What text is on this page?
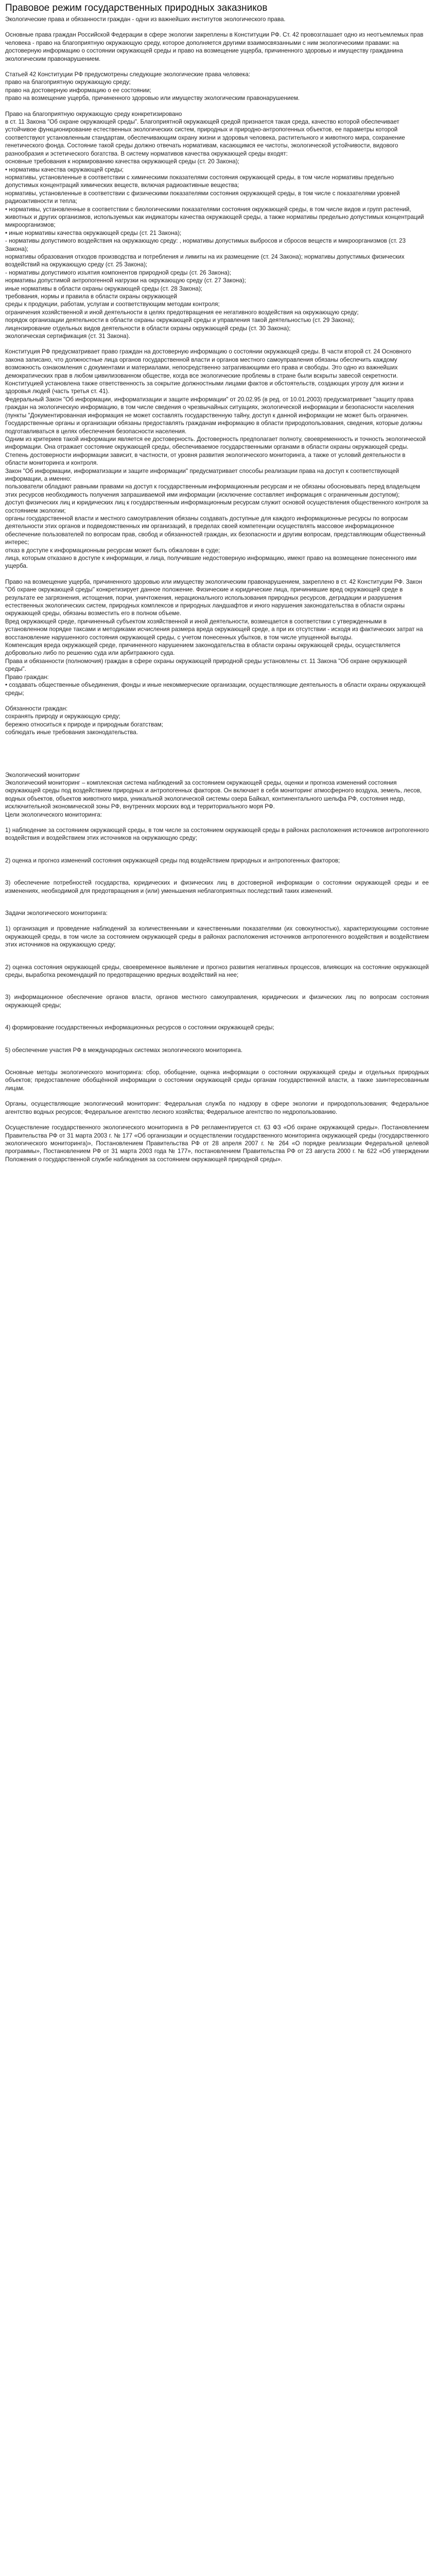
Правовое режим государственных природных заказников

Экологические права и обязанности граждан - одни из важнейших институтов экологического права.

Основные права граждан Российской Федерации в сфере экологии закреплены в Конституции РФ. Ст. 42 провозглашает одно из неотъемлемых прав человека - право на благоприятную окружающую среду, которое дополняется другими взаимосвязанными с ним экологическими правами: на достоверную информацию о состоянии окружающей среды и право на возмещение ущерба, причиненного здоровью и имуществу гражданина экологическим правонарушением.

Статьей 42 Конституции РФ предусмотрены следующие экологические права человека:

право на благоприятную окружающую среду;

право на достоверную информацию о ее состоянии;

право на возмещение ущерба, причиненного здоровью или имуществу экологическим правонарушением.

Право на благоприятную окружающую среду конкретизировано

в ст. 11 Закона "Об охране окружающей среды". Благоприятной окружающей средой признается такая среда, качество которой обеспечивает устойчивое функционирование естественных экологических систем, природных и природно-антропогенных объектов, ее параметры которой соответствуют установленным стандартам, обеспечивающим охрану жизни и здоровья человека, растительного и животного мира, сохранение генетического фонда. Состояние такой среды должно отвечать нормативам, касающимся ее чистоты, экологической устойчивости, видового разнообразия и эстетического богатства. В систему нормативов качества окружающей среды входят:

основные требования к нормированию качества окружающей среды (ст. 20 Закона);

• нормативы качества окружающей среды;

нормативы, установленные в соответствии с химическими показателями состояния окружающей среды, в том числе нормативы предельно допустимых концентраций химических веществ, включая радиоактивные вещества;

нормативы, установленные в соответствии с физическими показателями состояния окружающей среды, в том числе с показателями уровней радиоактивности и тепла;

• нормативы, установленные в соответствии с биологическими показателями состояния окружающей среды, в том числе видов и групп растений, животных и других организмов, используемых как индикаторы качества окружающей среды, а также нормативы предельно допустимых концентраций микроорганизмов;

• иные нормативы качества окружающей среды (ст. 21 Закона);

- нормативы допустимого воздействия на окружающую среду: , нормативы допустимых выбросов и сбросов веществ и микроорганизмов (ст. 23 Закона);

нормативы образования отходов производства и потребления и лимиты на их размещение (ст. 24 Закона); нормативы допустимых физических воздействий на окружающую среду (ст. 25 Закона);

- нормативы допустимого изъятия компонентов природной среды (ст. 26 Закона);

нормативы допустимой антропогенной нагрузки на окружающую среду (ст. 27 Закона);

иные нормативы в области охраны окружающей среды (ст. 28 Закона);

требования, нормы и правила в области охраны окружающей

среды к продукции, работам, услугам и соответствующим методам контроля;

ограничения хозяйственной и иной деятельности в целях предотвращения ее негативного воздействия на окружающую среду;

порядок организации деятельности в области охраны окружающей среды и управления такой деятельностью (ст. 29 Закона);

лицензирование отдельных видов деятельности в области охраны окружающей среды (ст. 30 Закона);

экологическая сертификация (ст. 31 Закона).

Конституция РФ предусматривает право граждан на достоверную информацию о состоянии окружающей среды. В части второй ст. 24 Основного закона записано, что должностные лица органов государственной власти и органов местного самоуправления обязаны обеспечить каждому возможность ознакомления с документами и материалами, непосредственно затрагивающими его права и свободы. Это одно из важнейших демократических прав в любом цивилизованном обществе, когда все экологические проблемы в стране были вскрыты завесой секретности. Конституцией установлена также ответственность за сокрытие должностными лицами фактов и обстоятельств, создающих угрозу для жизни и здоровья людей (часть третья ст. 41).

Федеральный Закон "Об информации, информатизации и защите информации" от 20.02.95 (в ред. от 10.01.2003) предусматривает "защиту права граждан на экологическую информацию, в том числе сведения о чрезвычайных ситуациях, экологической информации и безопасности населения (пункты "Документированная информация не может составлять государственную тайну, доступ к данной информации не может быть ограничен. Государственные органы и организации обязаны предоставлять гражданам информацию в области природопользования, сведения, которые должны подготавливаться в целях обеспечения безопасности населения.

Одним из критериев такой информации является ее достоверность. Достоверность предполагает полноту, своевременность и точность экологической информации. Она отражает состояние окружающей среды, обеспечиваемое государственными органами в области охраны окружающей среды. Степень достоверности информации зависит, в частности, от уровня развития экологического мониторинга, а также от условий деятельности в области мониторинга и контроля.

Закон "Об информации, информатизации и защите информации" предусматривает способы реализации права на доступ к соответствующей информации, а именно:

пользователи обладают равными правами на доступ к государственным информационным ресурсам и не обязаны обосновывать перед владельцем этих ресурсов необходимость получения запрашиваемой ими информации (исключение составляет информация с ограниченным доступом);

доступ физических лиц и юридических лиц к государственным информационным ресурсам служит основой осуществления общественного контроля за состоянием экологии;

органы государственной власти и местного самоуправления обязаны создавать доступные для каждого информационные ресурсы по вопросам деятельности этих органов и подведомственных им организаций, в пределах своей компетенции осуществлять массовое информационное обеспечение пользователей по вопросам прав, свобод и обязанностей граждан, их безопасности и другим вопросам, представляющим общественный интерес;

отказ в доступе к информационным ресурсам может быть обжалован в суде;

лица, которым отказано в доступе к информации, и лица, получившие недостоверную информацию, имеют право на возмещение понесенного ими ущерба.

Право на возмещение ущерба, причиненного здоровью или имуществу экологическим правонарушением, закреплено в ст. 42 Конституции РФ. Закон "Об охране окружающей среды" конкретизирует данное положение. Физические и юридические лица, причинившие вред окружающей среде в результате ее загрязнения, истощения, порчи, уничтожения, нерационального использования природных ресурсов, деградации и разрушения естественных экологических систем, природных комплексов и природных ландшафтов и иного нарушения законодательства в области охраны окружающей среды, обязаны возместить его в полном объеме.

Вред окружающей среде, причиненный субъектом хозяйственной и иной деятельности, возмещается в соответствии с утвержденными в установленном порядке таксами и методиками исчисления размера вреда окружающей среде, а при их отсутствии - исходя из фактических затрат на восстановление нарушенного состояния окружающей среды, с учетом понесенных убытков, в том числе упущенной выгоды.

Компенсация вреда окружающей среде, причиненного нарушением законодательства в области охраны окружающей среды, осуществляется добровольно либо по решению суда или арбитражного суда.

Права и обязанности (полномочия) граждан в сфере охраны окружающей природной среды установлены ст. 11 Закона "Об охране окружающей среды".

Право граждан:

• создавать общественные объединения, фонды и иные некоммерческие организации, осуществляющие деятельность в области охраны окружающей среды;

Обязанности граждан:

сохранять природу и окружающую среду;

бережно относиться к природе и природным богатствам;

соблюдать иные требования законодательства.

Экологический мониторинг

Экологический мониторинг – комплексная система наблюдений за состоянием окружающей среды, оценки и прогноза изменений состояния окружающей среды под воздействием природных и антропогенных факторов. Он включает в себя мониторинг атмосферного воздуха, земель, лесов, водных объектов, объектов животного мира, уникальной экологической системы озера Байкал, континентального шельфа РФ, состояния недр, исключительной экономической зоны РФ, внутренних морских вод и территориального моря РФ.

Цели экологического мониторинга:

1) наблюдение за состоянием окружающей среды, в том числе за состоянием окружающей среды в районах расположения источников антропогенного воздействия и воздействием этих источников на окружающую среду;

2) оценка и прогноз изменений состояния окружающей среды под воздействием природных и антропогенных факторов;

3) обеспечение потребностей государства, юридических и физических лиц в достоверной информации о состоянии окружающей среды и ее изменениях, необходимой для предотвращения и (или) уменьшения неблагоприятных последствий таких изменений.

Задачи экологического мониторинга:

1) организация и проведение наблюдений за количественными и качественными показателями (их совокупностью), характеризующими состояние окружающей среды, в том числе за состоянием окружающей среды в районах расположения источников антропогенного воздействия и воздействием этих источников на окружающую среду;

2) оценка состояния окружающей среды, своевременное выявление и прогноз развития негативных процессов, влияющих на состояние окружающей среды, выработка рекомендаций по предотвращению вредных воздействий на нее;

3) информационное обеспечение органов власти, органов местного самоуправления, юридических и физических лиц по вопросам состояния окружающей среды;

4) формирование государственных информационных ресурсов о состоянии окружающей среды;

5) обеспечение участия РФ в международных системах экологического мониторинга.

Основные методы экологического мониторинга: сбор, обобщение, оценка информации о состоянии окружающей среды и отдельных природных объектов; предоставление обобщённой информации о состоянии окружающей среды органам государственной власти, а также заинтересованным лицам.

Органы, осуществляющие экологический мониторинг: Федеральная служба по надзору в сфере экологии и природопользования; Федеральное агентство водных ресурсов; Федеральное агентство лесного хозяйства; Федеральное агентство по недропользованию.

Осуществление государственного экологического мониторинга в РФ регламентируется ст. 63 ФЗ «Об охране окружающей среды». Постановлением Правительства РФ от 31 марта 2003 г. № 177 «Об организации и осуществлении государственного мониторинга окружающей среды (государственного экологического мониторинга)», Постановлением Правительства РФ от 28 апреля 2007 г. № 264 «О порядке реализации Федеральной целевой программы», Постановлением РФ от 31 марта 2003 года № 177», постановлением Правительства РФ от 23 августа 2000 г. № 622 «Об утверждении Положения о государственной службе наблюдения за состоянием окружающей природной среды».
